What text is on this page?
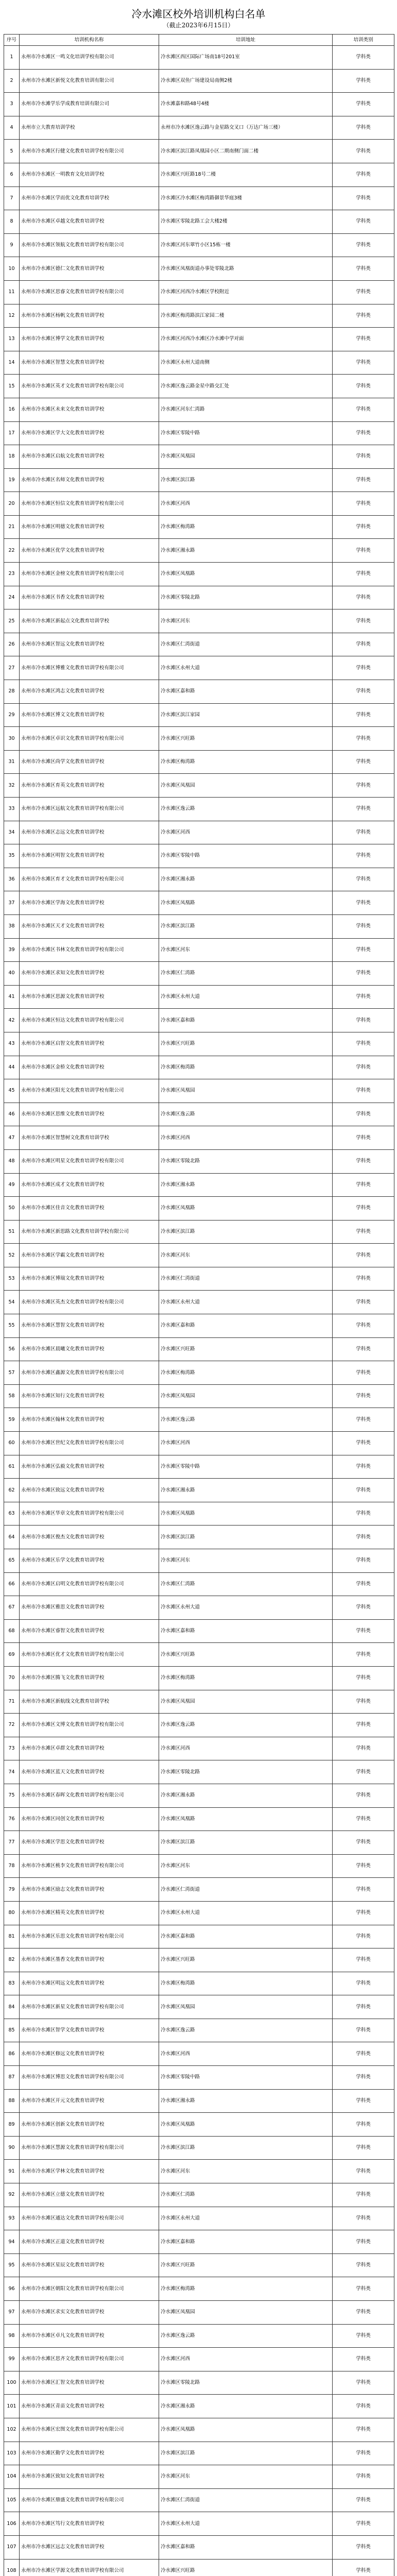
冷水滩区校外培训机构白名单
（截止2023年6月15日）
序号	培训机构名称	培训地址	培训类别
1	永州市冷水滩区一鸣文化培训学校有限公司	冷水滩区西区国际广场南18号201室	学科类
2	永州市冷水滩区新悦文化教育培训有限公司	冷水滩区双鱼广场建设局南侧2楼	学科类
3	永州市冷水滩学乐学成教育培训有限公司	冷水滩嘉和路48号4楼	学科类
4	永州市立大教育培训学校	永州市冷水滩区逸云路与金星路交叉口（万达广场三楼）	学科类
5	永州市冷水滩区行健文化教育培训学校有限公司	冷水滩区滨江路凤凰园小区二期南侧门面二楼	学科类
6	永州市冷水滩区一明教育文化培训学校	冷水滩区兴旺路18号二楼	学科类
7	永州市冷水滩区学而优文化教育培训学校	冷水滩区冷水滩区梅湾路御景华庭3楼	学科类
8	永州市冷水滩区卓越文化教育培训学校	冷水滩区零陵北路工会大楼2楼	学科类
9	永州市冷水滩区领航文化教育培训学校有限公司	冷水滩区河东翠竹小区15栋一楼	学科类
10	永州市冷水滩区德仁文化教育培训学校	冷水滩区凤凰街道办事处零陵北路	学科类
11	永州市冷水滩区思睿文化教育培训学校有限公司	冷水滩区河西冷水滩区学校附近	学科类
12	永州市冷水滩区杨帆文化教育培训学校	冷水滩区梅湾路滨江家园二楼	学科类
13	永州市冷水滩区博学文化教育培训学校	冷水滩区河西冷水滩区冷水滩中学对面	学科类
14	永州市冷水滩区智慧文化教育培训学校	冷水滩区永州大道南侧	学科类
15	永州市冷水滩区英才文化教育培训学校有限公司	冷水滩区逸云路金星中路交汇处	学科类
16	永州市冷水滩区未来文化教育培训学校	冷水滩区河东仁湾路	学科类
17	永州市冷水滩区学大文化教育培训学校	冷水滩区零陵中路	学科类
18	永州市冷水滩区启航文化教育培训学校	冷水滩区凤凰园	学科类
19	永州市冷水滩区名师文化教育培训学校	冷水滩区滨江路	学科类
20	永州市冷水滩区恒信文化教育培训学校有限公司	冷水滩区河西	学科类
21	永州市冷水滩区明德文化教育培训学校	冷水滩区梅湾路	学科类
22	永州市冷水滩区优学文化教育培训学校	冷水滩区湘永路	学科类
23	永州市冷水滩区金榜文化教育培训学校有限公司	冷水滩区凤凰路	学科类
24	永州市冷水滩区书香文化教育培训学校	冷水滩区零陵北路	学科类
25	永州市冷水滩区新起点文化教育培训学校	冷水滩区河东	学科类
26	永州市冷水滩区智远文化教育培训学校	冷水滩区仁湾街道	学科类
27	永州市冷水滩区博雅文化教育培训学校有限公司	冷水滩区永州大道	学科类
28	永州市冷水滩区鸿志文化教育培训学校	冷水滩区嘉和路	学科类
29	永州市冷水滩区博文文化教育培训学校	冷水滩区滨江家园	学科类
30	永州市冷水滩区卓识文化教育培训学校有限公司	冷水滩区兴旺路	学科类
31	永州市冷水滩区尚学文化教育培训学校	冷水滩区梅湾路	学科类
32	永州市冷水滩区育英文化教育培训学校	冷水滩区凤凰园	学科类
33	永州市冷水滩区远航文化教育培训学校有限公司	冷水滩区逸云路	学科类
34	永州市冷水滩区志远文化教育培训学校	冷水滩区河西	学科类
35	永州市冷水滩区明智文化教育培训学校	冷水滩区零陵中路	学科类
36	永州市冷水滩区育才文化教育培训学校有限公司	冷水滩区湘永路	学科类
37	永州市冷水滩区学海文化教育培训学校	冷水滩区凤凰路	学科类
38	永州市冷水滩区天才文化教育培训学校	冷水滩区滨江路	学科类
39	永州市冷水滩区书林文化教育培训学校有限公司	冷水滩区河东	学科类
40	永州市冷水滩区求知文化教育培训学校	冷水滩区仁湾路	学科类
41	永州市冷水滩区思源文化教育培训学校	冷水滩区永州大道	学科类
42	永州市冷水滩区恒达文化教育培训学校有限公司	冷水滩区嘉和路	学科类
43	永州市冷水滩区启智文化教育培训学校	冷水滩区兴旺路	学科类
44	永州市冷水滩区金桥文化教育培训学校	冷水滩区梅湾路	学科类
45	永州市冷水滩区阳光文化教育培训学校有限公司	冷水滩区凤凰园	学科类
46	永州市冷水滩区思维文化教育培训学校	冷水滩区逸云路	学科类
47	永州市冷水滩区智慧树文化教育培训学校	冷水滩区河西	学科类
48	永州市冷水滩区明星文化教育培训学校有限公司	冷水滩区零陵北路	学科类
49	永州市冷水滩区成才文化教育培训学校	冷水滩区湘永路	学科类
50	永州市冷水滩区佳音文化教育培训学校	冷水滩区凤凰路	学科类
51	永州市冷水滩区新思路文化教育培训学校有限公司	冷水滩区滨江路	学科类
52	永州市冷水滩区学霸文化教育培训学校	冷水滩区河东	学科类
53	永州市冷水滩区博瑞文化教育培训学校	冷水滩区仁湾街道	学科类
54	永州市冷水滩区英杰文化教育培训学校有限公司	冷水滩区永州大道	学科类
55	永州市冷水滩区慧智文化教育培训学校	冷水滩区嘉和路	学科类
56	永州市冷水滩区晨曦文化教育培训学校	冷水滩区兴旺路	学科类
57	永州市冷水滩区鑫源文化教育培训学校有限公司	冷水滩区梅湾路	学科类
58	永州市冷水滩区知行文化教育培训学校	冷水滩区凤凰园	学科类
59	永州市冷水滩区翰林文化教育培训学校	冷水滩区逸云路	学科类
60	永州市冷水滩区世纪文化教育培训学校有限公司	冷水滩区河西	学科类
61	永州市冷水滩区弘毅文化教育培训学校	冷水滩区零陵中路	学科类
62	永州市冷水滩区致远文化教育培训学校	冷水滩区湘永路	学科类
63	永州市冷水滩区华章文化教育培训学校有限公司	冷水滩区凤凰路	学科类
64	永州市冷水滩区俊杰文化教育培训学校	冷水滩区滨江路	学科类
65	永州市冷水滩区乐学文化教育培训学校	冷水滩区河东	学科类
66	永州市冷水滩区启明文化教育培训学校有限公司	冷水滩区仁湾路	学科类
67	永州市冷水滩区雅思文化教育培训学校	冷水滩区永州大道	学科类
68	永州市冷水滩区睿智文化教育培训学校	冷水滩区嘉和路	学科类
69	永州市冷水滩区优才文化教育培训学校有限公司	冷水滩区兴旺路	学科类
70	永州市冷水滩区腾飞文化教育培训学校	冷水滩区梅湾路	学科类
71	永州市冷水滩区新航线文化教育培训学校	冷水滩区凤凰园	学科类
72	永州市冷水滩区文博文化教育培训学校有限公司	冷水滩区逸云路	学科类
73	永州市冷水滩区卓群文化教育培训学校	冷水滩区河西	学科类
74	永州市冷水滩区蓝天文化教育培训学校	冷水滩区零陵北路	学科类
75	永州市冷水滩区春晖文化教育培训学校有限公司	冷水滩区湘永路	学科类
76	永州市冷水滩区同创文化教育培训学校	冷水滩区凤凰路	学科类
77	永州市冷水滩区学思文化教育培训学校	冷水滩区滨江路	学科类
78	永州市冷水滩区桃李文化教育培训学校有限公司	冷水滩区河东	学科类
79	永州市冷水滩区励志文化教育培训学校	冷水滩区仁湾街道	学科类
80	永州市冷水滩区精英文化教育培训学校	冷水滩区永州大道	学科类
81	永州市冷水滩区乐思文化教育培训学校有限公司	冷水滩区嘉和路	学科类
82	永州市冷水滩区墨香文化教育培训学校	冷水滩区兴旺路	学科类
83	永州市冷水滩区明远文化教育培训学校	冷水滩区梅湾路	学科类
84	永州市冷水滩区新星文化教育培训学校有限公司	冷水滩区凤凰园	学科类
85	永州市冷水滩区智学文化教育培训学校	冷水滩区逸云路	学科类
86	永州市冷水滩区修远文化教育培训学校	冷水滩区河西	学科类
87	永州市冷水滩区博思文化教育培训学校有限公司	冷水滩区零陵中路	学科类
88	永州市冷水滩区开元文化教育培训学校	冷水滩区湘永路	学科类
89	永州市冷水滩区创新文化教育培训学校	冷水滩区凤凰路	学科类
90	永州市冷水滩区慧源文化教育培训学校有限公司	冷水滩区滨江路	学科类
91	永州市冷水滩区学林文化教育培训学校	冷水滩区河东	学科类
92	永州市冷水滩区立德文化教育培训学校	冷水滩区仁湾路	学科类
93	永州市冷水滩区通达文化教育培训学校有限公司	冷水滩区永州大道	学科类
94	永州市冷水滩区正道文化教育培训学校	冷水滩区嘉和路	学科类
95	永州市冷水滩区星辰文化教育培训学校	冷水滩区兴旺路	学科类
96	永州市冷水滩区朝阳文化教育培训学校有限公司	冷水滩区梅湾路	学科类
97	永州市冷水滩区求实文化教育培训学校	冷水滩区凤凰园	学科类
98	永州市冷水滩区卓凡文化教育培训学校	冷水滩区逸云路	学科类
99	永州市冷水滩区思齐文化教育培训学校有限公司	冷水滩区河西	学科类
100	永州市冷水滩区汇智文化教育培训学校	冷水滩区零陵北路	学科类
101	永州市冷水滩区青苗文化教育培训学校	冷水滩区湘永路	学科类
102	永州市冷水滩区宏图文化教育培训学校有限公司	冷水滩区凤凰路	学科类
103	永州市冷水滩区勤学文化教育培训学校	冷水滩区滨江路	学科类
104	永州市冷水滩区致知文化教育培训学校	冷水滩区河东	学科类
105	永州市冷水滩区鼎盛文化教育培训学校有限公司	冷水滩区仁湾街道	学科类
106	永州市冷水滩区笃行文化教育培训学校	冷水滩区永州大道	学科类
107	永州市冷水滩区远志文化教育培训学校	冷水滩区嘉和路	学科类
108	永州市冷水滩区学源文化教育培训学校有限公司	冷水滩区兴旺路	学科类
